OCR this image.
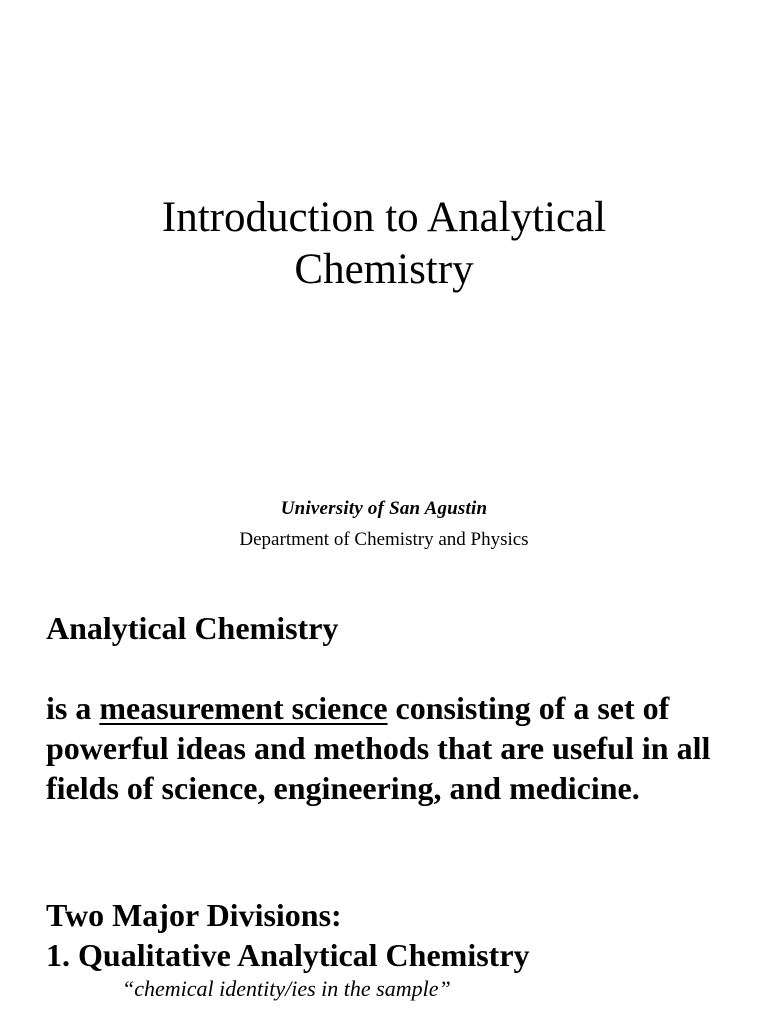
Introduction to Analytical
Chemistry
University of San Agustin
Department of Chemistry and Physics
Analytical Chemistry
is a measurement science consisting of a set of powerful ideas and methods that are useful in all fields of science, engineering, and medicine.
Two Major Divisions:
1. Qualitative Analytical Chemistry
“chemical identity/ies in the sample”
